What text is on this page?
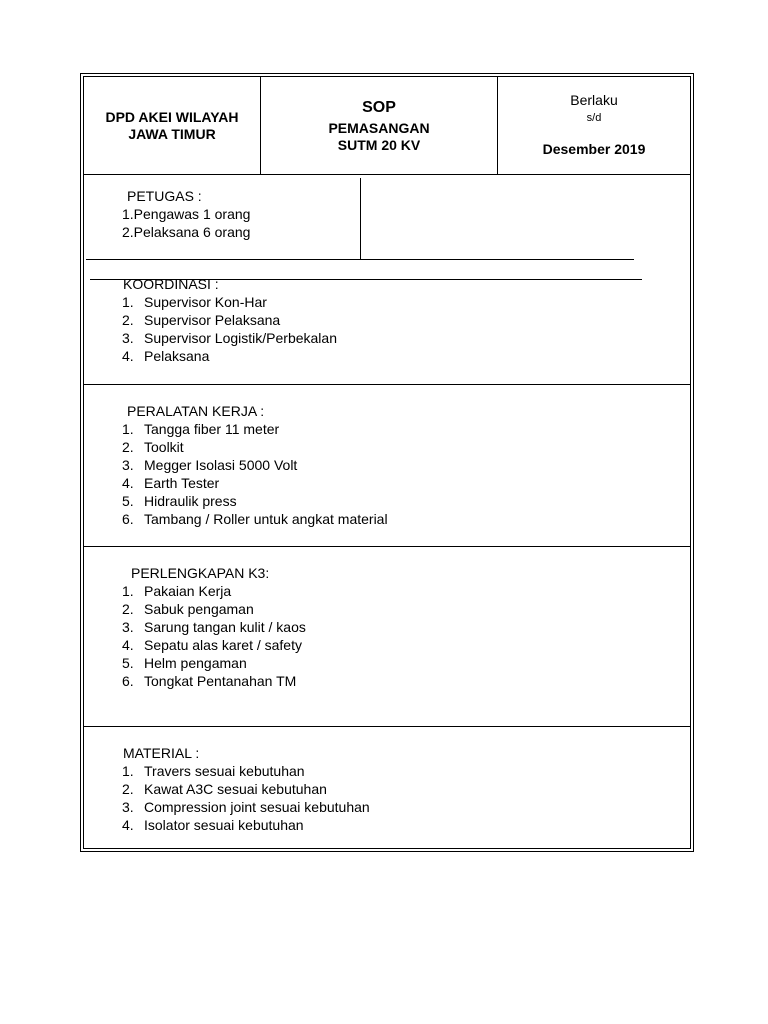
DPD AKEI WILAYAH
JAWA TIMUR
SOP
PEMASANGAN
SUTM 20 KV
Berlaku
s/d
Desember 2019
PETUGAS :
1.Pengawas 1 orang
2.Pelaksana 6 orang
KOORDINASI :
1. Supervisor Kon-Har
2. Supervisor Pelaksana
3. Supervisor Logistik/Perbekalan
4. Pelaksana
PERALATAN KERJA :
1. Tangga fiber 11 meter
2. Toolkit
3. Megger Isolasi 5000 Volt
4. Earth Tester
5. Hidraulik press
6. Tambang / Roller untuk angkat material
PERLENGKAPAN K3:
1. Pakaian Kerja
2. Sabuk pengaman
3. Sarung tangan kulit / kaos
4. Sepatu alas karet / safety
5. Helm pengaman
6. Tongkat Pentanahan TM
MATERIAL :
1. Travers sesuai kebutuhan
2. Kawat A3C sesuai kebutuhan
3. Compression joint sesuai kebutuhan
4. Isolator sesuai kebutuhan
